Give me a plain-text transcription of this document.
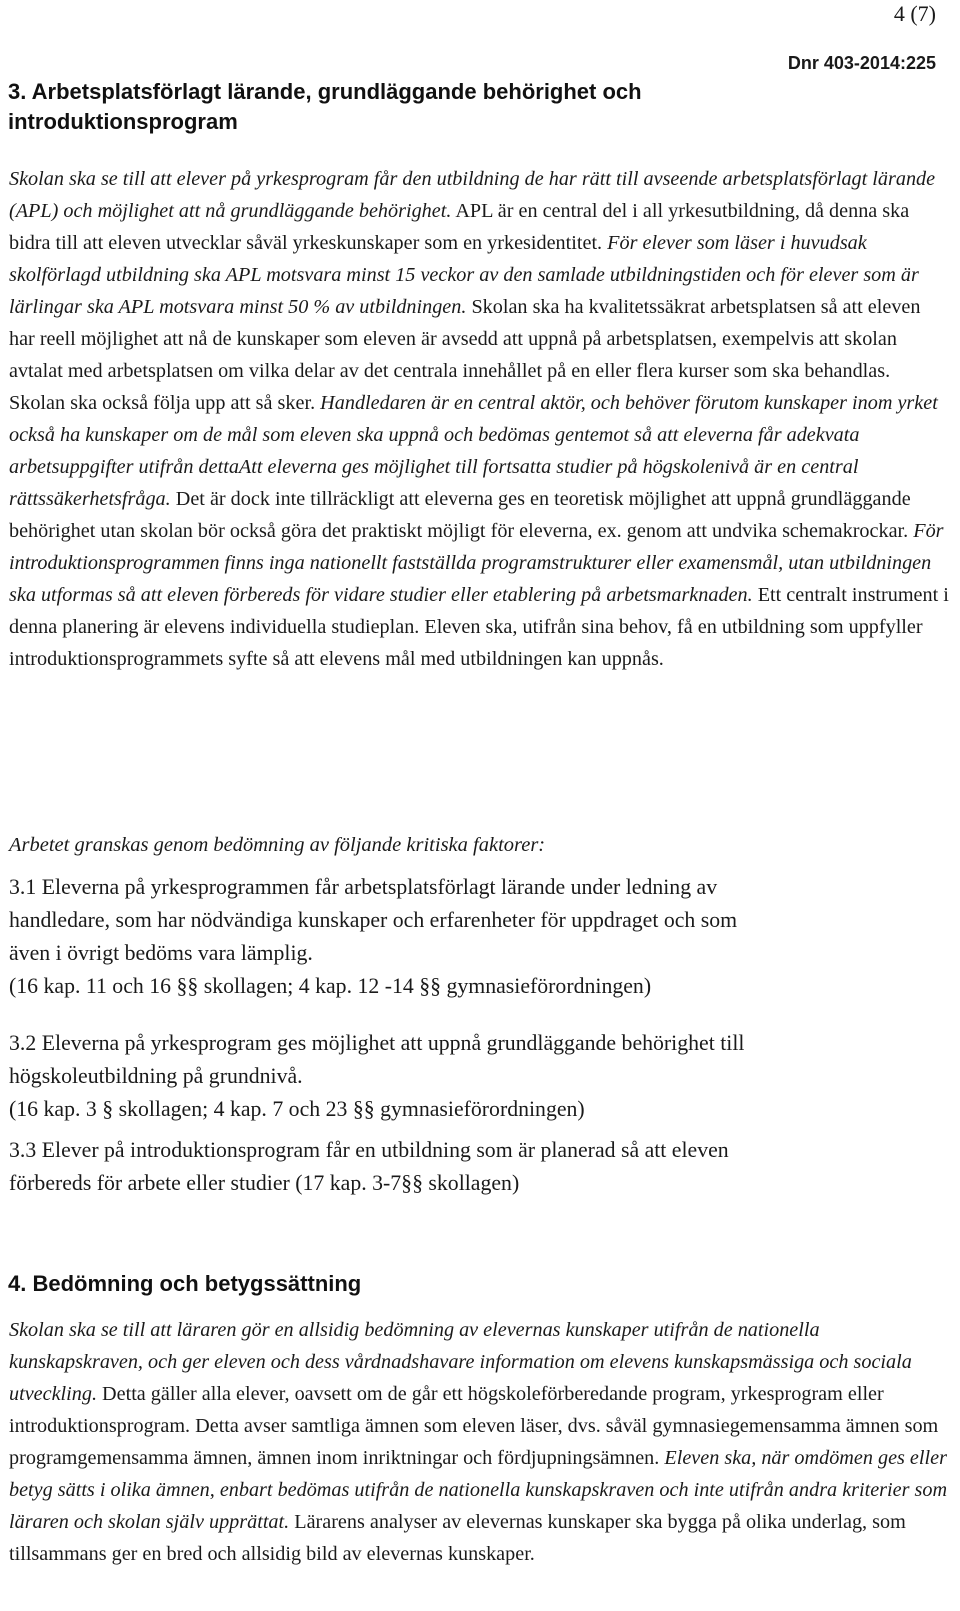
4 (7)
Dnr 403-2014:225
3. Arbetsplatsförlagt lärande, grundläggande behörighet och introduktionsprogram

Skolan ska se till att elever på yrkesprogram får den utbildning de har rätt till avseende arbetsplatsförlagt lärande (APL) och möjlighet att nå grundläggande behörighet. APL är en central del i all yrkesutbildning, då denna ska bidra till att eleven utvecklar såväl yrkeskunskaper som en yrkesidentitet. För elever som läser i huvudsak skolförlagd utbildning ska APL motsvara minst 15 veckor av den samlade utbildningstiden och för elever som är lärlingar ska APL motsvara minst 50 % av utbildningen. Skolan ska ha kvalitetssäkrat arbetsplatsen så att eleven har reell möjlighet att nå de kunskaper som eleven är avsedd att uppnå på arbetsplatsen, exempelvis att skolan avtalat med arbetsplatsen om vilka delar av det centrala innehållet på en eller flera kurser som ska behandlas. Skolan ska också följa upp att så sker. Handledaren är en central aktör, och behöver förutom kunskaper inom yrket också ha kunskaper om de mål som eleven ska uppnå och bedömas gentemot så att eleverna får adekvata arbetsuppgifter utifrån dettaAtt eleverna ges möjlighet till fortsatta studier på högskolenivå är en central rättssäkerhetsfråga. Det är dock inte tillräckligt att eleverna ges en teoretisk möjlighet att uppnå grundläggande behörighet utan skolan bör också göra det praktiskt möjligt för eleverna, ex. genom att undvika schemakrockar. För introduktionsprogrammen finns inga nationellt fastställda programstrukturer eller examensmål, utan utbildningen ska utformas så att eleven förbereds för vidare studier eller etablering på arbetsmarknaden. Ett centralt instrument i denna planering är elevens individuella studieplan. Eleven ska, utifrån sina behov, få en utbildning som uppfyller introduktionsprogrammets syfte så att elevens mål med utbildningen kan uppnås.

Arbetet granskas genom bedömning av följande kritiska faktorer:

3.1 Eleverna på yrkesprogrammen får arbetsplatsförlagt lärande under ledning av
handledare, som har nödvändiga kunskaper och erfarenheter för uppdraget och som
även i övrigt bedöms vara lämplig.
(16 kap. 11 och 16 §§ skollagen; 4 kap. 12 -14 §§ gymnasieförordningen)

3.2 Eleverna på yrkesprogram ges möjlighet att uppnå grundläggande behörighet till
högskoleutbildning på grundnivå.
(16 kap. 3 § skollagen; 4 kap. 7 och 23 §§ gymnasieförordningen)

3.3 Elever på introduktionsprogram får en utbildning som är planerad så att eleven
förbereds för arbete eller studier (17 kap. 3-7§§ skollagen)

4. Bedömning och betygssättning

Skolan ska se till att läraren gör en allsidig bedömning av elevernas kunskaper utifrån de nationella kunskapskraven, och ger eleven och dess vårdnadshavare information om elevens kunskapsmässiga och sociala utveckling. Detta gäller alla elever, oavsett om de går ett högskoleförberedande program, yrkesprogram eller introduktionsprogram. Detta avser samtliga ämnen som eleven läser, dvs. såväl gymnasiegemensamma ämnen som programgemensamma ämnen, ämnen inom inriktningar och fördjupningsämnen. Eleven ska, när omdömen ges eller betyg sätts i olika ämnen, enbart bedömas utifrån de nationella kunskapskraven och inte utifrån andra kriterier som läraren och skolan själv upprättat. Lärarens analyser av elevernas kunskaper ska bygga på olika underlag, som tillsammans ger en bred och allsidig bild av elevernas kunskaper.
